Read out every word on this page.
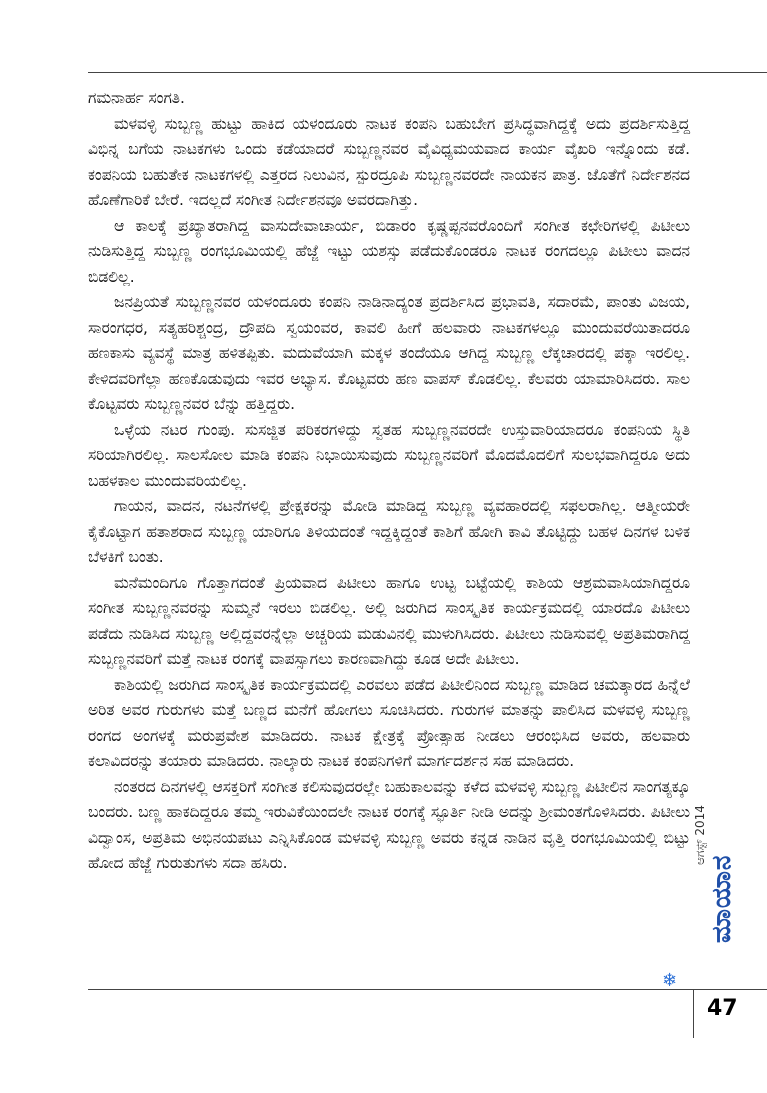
ಗಮನಾರ್ಹ ಸಂಗತಿ.

ಮಳವಳ್ಳಿ ಸುಬ್ಬಣ್ಣ ಹುಟ್ಟು ಹಾಕಿದ ಯಳಂದೂರು ನಾಟಕ ಕಂಪನಿ ಬಹುಬೇಗ ಪ್ರಸಿದ್ಧವಾಗಿದ್ದಕ್ಕೆ ಅದು ಪ್ರದರ್ಶಿಸುತ್ತಿದ್ದ ವಿಭಿನ್ನ ಬಗೆಯ ನಾಟಕಗಳು ಒಂದು ಕಡೆಯಾದರೆ ಸುಬ್ಬಣ್ಣನವರ ವೈವಿಧ್ಯಮಯವಾದ ಕಾರ್ಯ ವೈಖರಿ ಇನ್ನೊಂದು ಕಡೆ. ಕಂಪನಿಯ ಬಹುತೇಕ ನಾಟಕಗಳಲ್ಲಿ ಎತ್ತರದ ನಿಲುವಿನ, ಸ್ಪುರದ್ರೂಪಿ ಸುಬ್ಬಣ್ಣನವರದೇ ನಾಯಕನ ಪಾತ್ರ. ಜೊತೆಗೆ ನಿರ್ದೇಶನದ ಹೊಣೆಗಾರಿಕೆ ಬೇರೆ. ಇದಲ್ಲದೆ ಸಂಗೀತ ನಿರ್ದೇಶನವೂ ಅವರದಾಗಿತ್ತು.

ಆ ಕಾಲಕ್ಕೆ ಪ್ರಖ್ಯಾತರಾಗಿದ್ದ ವಾಸುದೇವಾಚಾರ್ಯ, ಬಿಡಾರಂ ಕೃಷ್ಣಪ್ಪನವರೊಂದಿಗೆ ಸಂಗೀತ ಕಛೇರಿಗಳಲ್ಲಿ ಪಿಟೀಲು ನುಡಿಸುತ್ತಿದ್ದ ಸುಬ್ಬಣ್ಣ ರಂಗಭೂಮಿಯಲ್ಲಿ ಹೆಜ್ಜೆ ಇಟ್ಟು ಯಶಸ್ಸು ಪಡೆದುಕೊಂಡರೂ ನಾಟಕ ರಂಗದಲ್ಲೂ ಪಿಟೀಲು ವಾದನ ಬಿಡಲಿಲ್ಲ.

ಜನಪ್ರಿಯತೆ ಸುಬ್ಬಣ್ಣನವರ ಯಳಂದೂರು ಕಂಪನಿ ನಾಡಿನಾದ್ಯಂತ ಪ್ರದರ್ಶಿಸಿದ ಪ್ರಭಾವತಿ, ಸದಾರಮೆ, ಪಾಂತು ವಿಜಯ, ಸಾರಂಗಧರ, ಸತ್ಯಹರಿಶ್ಚಂದ್ರ, ದ್ರೌಪದಿ ಸ್ವಯಂವರ, ಕಾವಲಿ ಹೀಗೆ ಹಲವಾರು ನಾಟಕಗಳಲ್ಲೂ ಮುಂದುವರೆಯಿತಾದರೂ ಹಣಕಾಸು ವ್ಯವಸ್ಥೆ ಮಾತ್ರ ಹಳಿತಪ್ಪಿತು. ಮದುವೆಯಾಗಿ ಮಕ್ಕಳ ತಂದೆಯೂ ಆಗಿದ್ದ ಸುಬ್ಬಣ್ಣ ಲೆಕ್ಕಚಾರದಲ್ಲಿ ಪಕ್ಕಾ ಇರಲಿಲ್ಲ. ಕೇಳಿದವರಿಗೆಲ್ಲಾ ಹಣಕೊಡುವುದು ಇವರ ಅಭ್ಯಾಸ. ಕೊಟ್ಟವರು ಹಣ ವಾಪಸ್ ಕೊಡಲಿಲ್ಲ. ಕೆಲವರು ಯಾಮಾರಿಸಿದರು. ಸಾಲ ಕೊಟ್ಟವರು ಸುಬ್ಬಣ್ಣನವರ ಬೆನ್ನು ಹತ್ತಿದ್ದರು.

ಒಳ್ಳೆಯ ನಟರ ಗುಂಪು. ಸುಸಜ್ಜಿತ ಪರಿಕರಗಳಿದ್ದು ಸ್ವತಹ ಸುಬ್ಬಣ್ಣನವರದೇ ಉಸ್ತುವಾರಿಯಾದರೂ ಕಂಪನಿಯ ಸ್ಥಿತಿ ಸರಿಯಾಗಿರಲಿಲ್ಲ. ಸಾಲಸೋಲ ಮಾಡಿ ಕಂಪನಿ ನಿಭಾಯಿಸುವುದು ಸುಬ್ಬಣ್ಣನವರಿಗೆ ಮೊದಮೊದಲಿಗೆ ಸುಲಭವಾಗಿದ್ದರೂ ಅದು ಬಹಳಕಾಲ ಮುಂದುವರಿಯಲಿಲ್ಲ.

ಗಾಯನ, ವಾದನ, ನಟನೆಗಳಲ್ಲಿ ಪ್ರೇಕ್ಷಕರನ್ನು ಮೋಡಿ ಮಾಡಿದ್ದ ಸುಬ್ಬಣ್ಣ ವ್ಯವಹಾರದಲ್ಲಿ ಸಫಲರಾಗಿಲ್ಲ. ಆತ್ಮೀಯರೇ ಕೈಕೊಟ್ಟಾಗ ಹತಾಶರಾದ ಸುಬ್ಬಣ್ಣ ಯಾರಿಗೂ ತಿಳಿಯದಂತೆ ಇದ್ದಕ್ಕಿದ್ದಂತೆ ಕಾಶಿಗೆ ಹೋಗಿ ಕಾವಿ ತೊಟ್ಟಿದ್ದು ಬಹಳ ದಿನಗಳ ಬಳಿಕ ಬೆಳಕಿಗೆ ಬಂತು.

ಮನೆಮಂದಿಗೂ ಗೊತ್ತಾಗದಂತೆ ಪ್ರಿಯವಾದ ಪಿಟೀಲು ಹಾಗೂ ಉಟ್ಟ ಬಟ್ಟೆಯಲ್ಲಿ ಕಾಶಿಯ ಆಶ್ರಮವಾಸಿಯಾಗಿದ್ದರೂ ಸಂಗೀತ ಸುಬ್ಬಣ್ಣನವರನ್ನು ಸುಮ್ಮನೆ ಇರಲು ಬಿಡಲಿಲ್ಲ. ಅಲ್ಲಿ ಜರುಗಿದ ಸಾಂಸ್ಕೃತಿಕ ಕಾರ್ಯಕ್ರಮದಲ್ಲಿ ಯಾರದೊ ಪಿಟೀಲು ಪಡೆದು ನುಡಿಸಿದ ಸುಬ್ಬಣ್ಣ ಅಲ್ಲಿದ್ದವರನ್ನೆಲ್ಲಾ ಅಚ್ಚರಿಯ ಮಡುವಿನಲ್ಲಿ ಮುಳುಗಿಸಿದರು. ಪಿಟೀಲು ನುಡಿಸುವಲ್ಲಿ ಅಪ್ರತಿಮರಾಗಿದ್ದ ಸುಬ್ಬಣ್ಣನವರಿಗೆ ಮತ್ತೆ ನಾಟಕ ರಂಗಕ್ಕೆ ವಾಪಸ್ಸಾಗಲು ಕಾರಣವಾಗಿದ್ದು ಕೂಡ ಅದೇ ಪಿಟೀಲು.

ಕಾಶಿಯಲ್ಲಿ ಜರುಗಿದ ಸಾಂಸ್ಕೃತಿಕ ಕಾರ್ಯಕ್ರಮದಲ್ಲಿ ಎರವಲು ಪಡೆದ ಪಿಟೀಲಿನಿಂದ ಸುಬ್ಬಣ್ಣ ಮಾಡಿದ ಚಮತ್ಕಾರದ ಹಿನ್ನೆಲೆ ಅರಿತ ಅವರ ಗುರುಗಳು ಮತ್ತೆ ಬಣ್ಣದ ಮನೆಗೆ ಹೋಗಲು ಸೂಚಿಸಿದರು. ಗುರುಗಳ ಮಾತನ್ನು ಪಾಲಿಸಿದ ಮಳವಳ್ಳಿ ಸುಬ್ಬಣ್ಣ ರಂಗದ ಅಂಗಳಕ್ಕೆ ಮರುಪ್ರವೇಶ ಮಾಡಿದರು. ನಾಟಕ ಕ್ಷೇತ್ರಕ್ಕೆ ಪ್ರೋತ್ಸಾಹ ನೀಡಲು ಆರಂಭಿಸಿದ ಅವರು, ಹಲವಾರು ಕಲಾವಿದರನ್ನು ತಯಾರು ಮಾಡಿದರು. ನಾಲ್ಕಾರು ನಾಟಕ ಕಂಪನಿಗಳಿಗೆ ಮಾರ್ಗದರ್ಶನ ಸಹ ಮಾಡಿದರು.

ನಂತರದ ದಿನಗಳಲ್ಲಿ ಆಸಕ್ತರಿಗೆ ಸಂಗೀತ ಕಲಿಸುವುದರಲ್ಲೇ ಬಹುಕಾಲವನ್ನು ಕಳೆದ ಮಳವಳ್ಳಿ ಸುಬ್ಬಣ್ಣ ಪಿಟೀಲಿನ ಸಾಂಗತ್ಯಕ್ಕೂ ಬಂದರು. ಬಣ್ಣ ಹಾಕದಿದ್ದರೂ ತಮ್ಮ ಇರುವಿಕೆಯಿಂದಲೇ ನಾಟಕ ರಂಗಕ್ಕೆ ಸ್ಫೂರ್ತಿ ನೀಡಿ ಅದನ್ನು ಶ್ರೀಮಂತಗೊಳಿಸಿದರು. ಪಿಟೀಲು ವಿದ್ವಾಂಸ, ಅಪ್ರತಿಮ ಅಭಿನಯಪಟು ಎನ್ನಿಸಿಕೊಂಡ ಮಳವಳ್ಳಿ ಸುಬ್ಬಣ್ಣ ಅವರು ಕನ್ನಡ ನಾಡಿನ ವೃತ್ತಿ ರಂಗಭೂಮಿಯಲ್ಲಿ ಬಿಟ್ಟು ಹೋದ ಹೆಜ್ಜೆ ಗುರುತುಗಳು ಸದಾ ಹಸಿರು.	ಆಗಸ್ಟ್ 2014
ಮಾಯಾನ
❄
47
